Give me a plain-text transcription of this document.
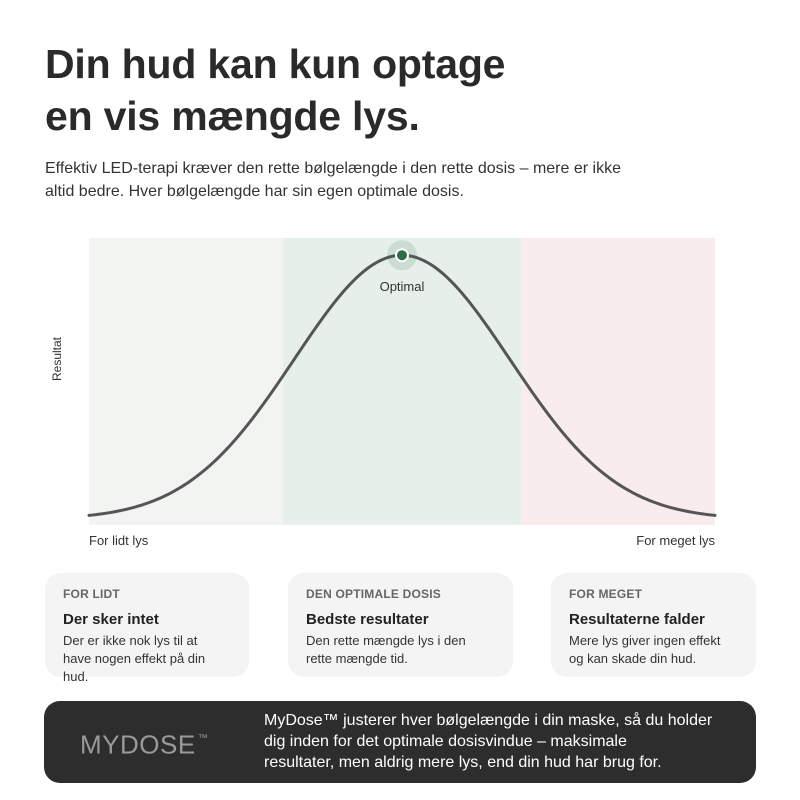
Din hud kan kun optage
en vis mængde lys.

Effektiv LED-terapi kræver den rette bølgelængde i den rette dosis – mere er ikke
altid bedre. Hver bølgelængde har sin egen optimale dosis.

Optimal
Resultat
For lidt lys	For meget lys
FOR LIDT
Der sker intet
Der er ikke nok lys til at
have nogen effekt på din hud.
DEN OPTIMALE DOSIS
Bedste resultater
Den rette mængde lys i den
rette mængde tid.
FOR MEGET
Resultaterne falder
Mere lys giver ingen effekt
og kan skade din hud.
MYDOSE ™
MyDose™ justerer hver bølgelængde i din maske, så du holder
dig inden for det optimale dosisvindue – maksimale
resultater, men aldrig mere lys, end din hud har brug for.
